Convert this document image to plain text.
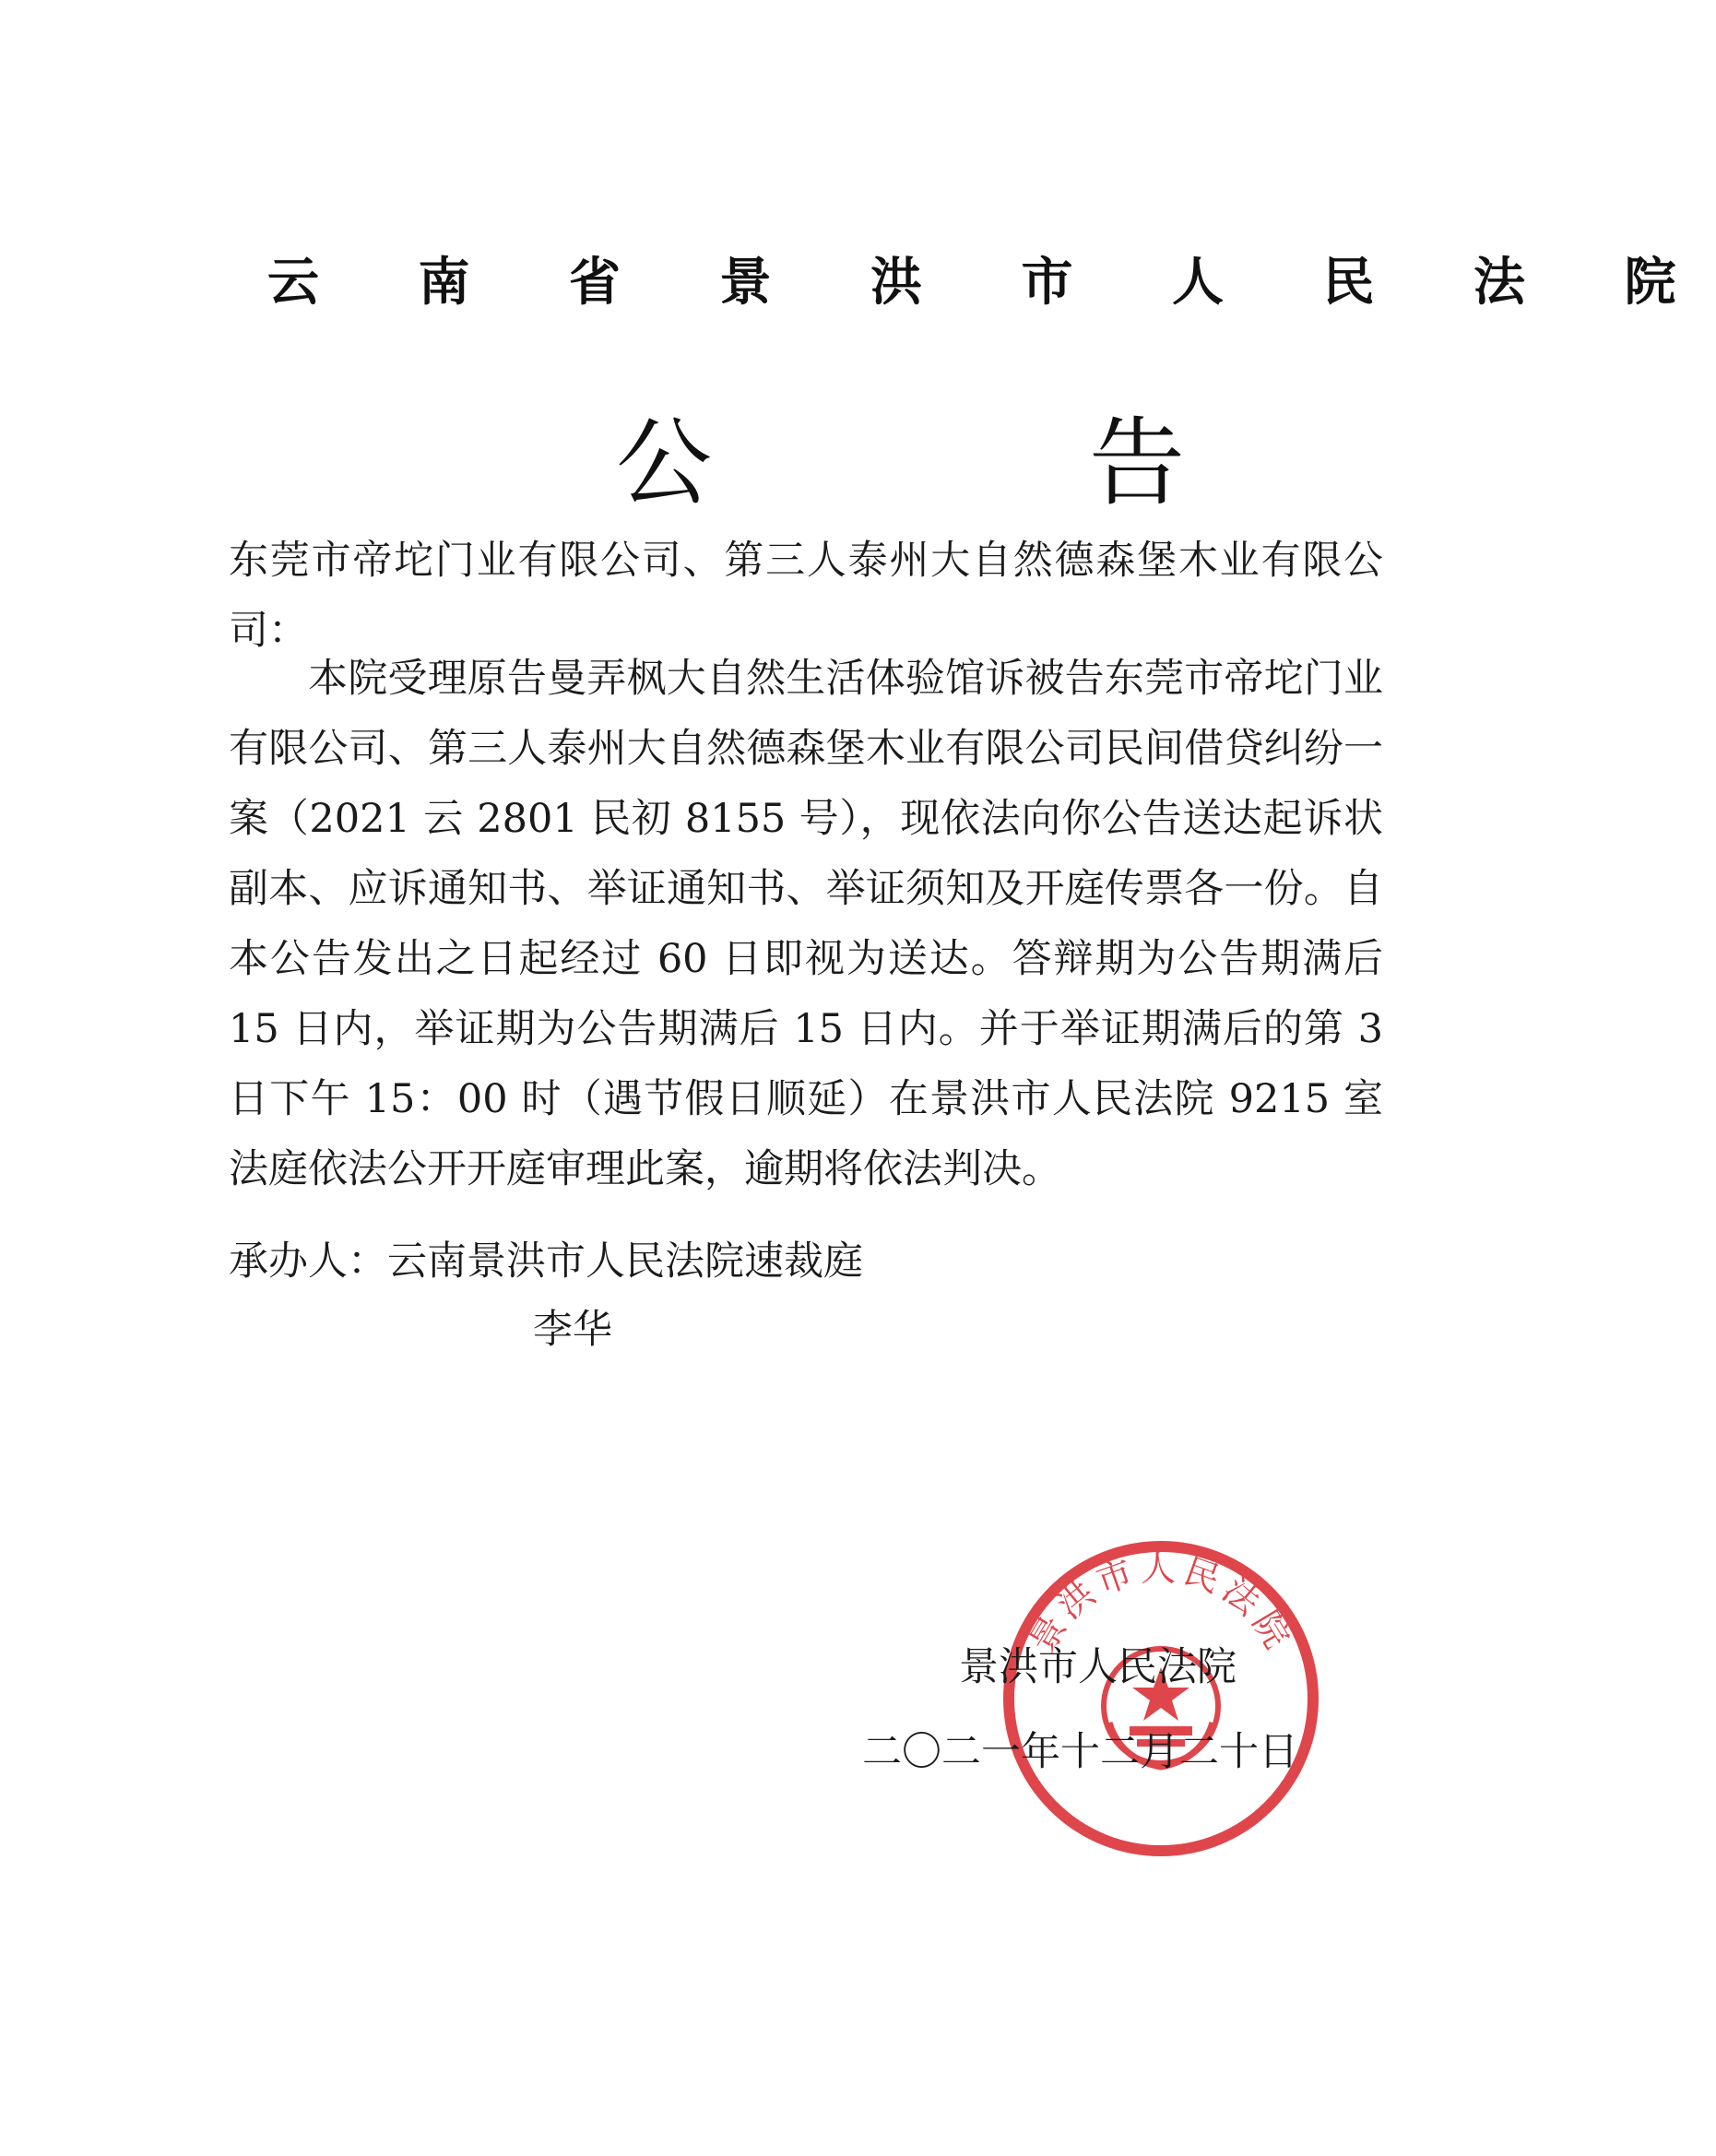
云 南 省 景 洪 市 人 民 法 院
公 告
东莞市帝坨门业有限公司、第三人泰州大自然德森堡木业有限公司：
本院受理原告曼弄枫大自然生活体验馆诉被告东莞市帝坨门业有限公司、第三人泰州大自然德森堡木业有限公司民间借贷纠纷一案（2021 云 2801 民初 8155 号），现依法向你公告送达起诉状副本、应诉通知书、举证通知书、举证须知及开庭传票各一份。自本公告发出之日起经过 60 日即视为送达。答辩期为公告期满后 15 日内，举证期为公告期满后 15 日内。并于举证期满后的第 3 日下午 15：00 时（遇节假日顺延）在景洪市人民法院 9215 室法庭依法公开开庭审理此案，逾期将依法判决。
承办人：云南景洪市人民法院速裁庭
李华
景洪市人民法院
景洪市人民法院
二〇二一年十二月二十日
